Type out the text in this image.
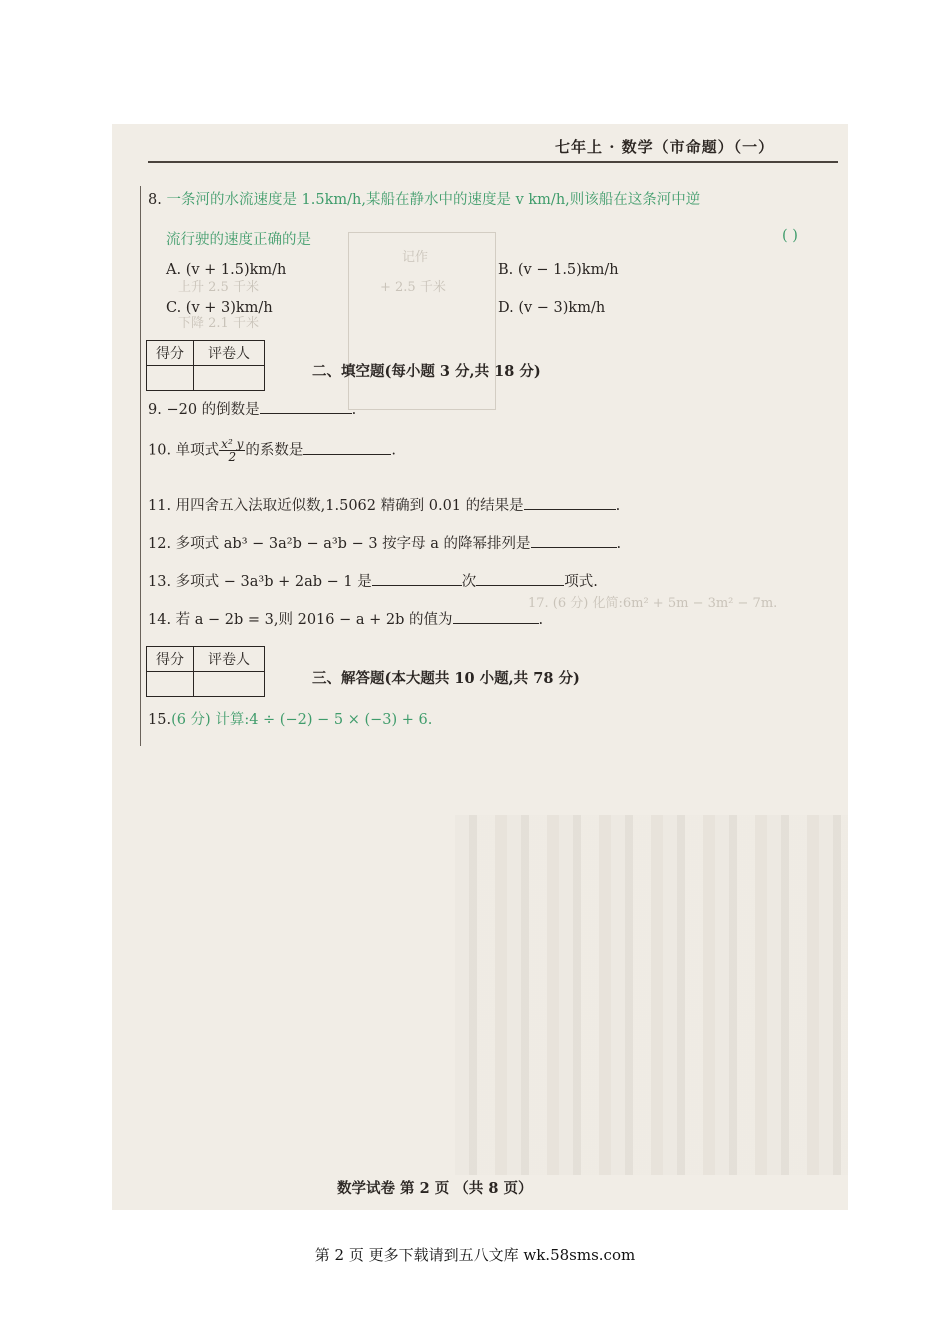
记作
上升 2.5 千米	+ 2.5 千米
下降 2.1 千米
17. (6 分) 化简:6m² + 5m − 3m² − 7m.
七年上 · 数学（市命题）（一）
8. 一条河的水流速度是 1.5km/h,某船在静水中的速度是 v km/h,则该船在这条河中逆
流行驶的速度正确的是	( )
A. (v + 1.5)km/h	B. (v − 1.5)km/h
C. (v + 3)km/h	D. (v − 3)km/h
得分	评卷人

二、填空题(每小题 3 分,共 18 分)
9. −20 的倒数是	.
10. 单项式 $\frac{\text{x² y}}{2}$ 的系数是	.
11. 用四舍五入法取近似数,1.5062 精确到 0.01 的结果是	.
12. 多项式 ab³ − 3a²b − a³b − 3 按字母 a 的降幂排列是	.
13. 多项式 − 3a³b + 2ab − 1 是	次	项式.
14. 若 a − 2b = 3,则 2016 − a + 2b 的值为	.
得分	评卷人

三、解答题(本大题共 10 小题,共 78 分)
15.(6 分) 计算:4 ÷ (−2) − 5 × (−3) + 6.
数学试卷 第 2 页 （共 8 页）
第 2 页 更多下载请到五八文库 wk.58sms.com
